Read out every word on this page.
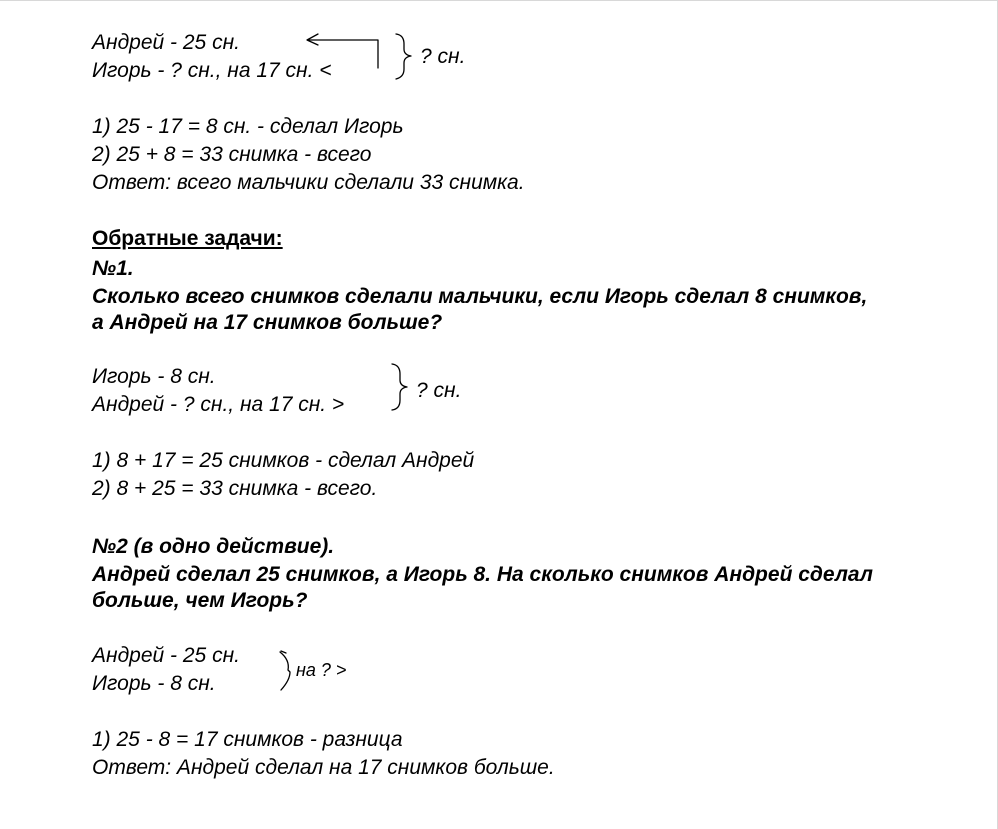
Андрей - 25 сн.
Игорь - ? сн., на 17 сн. <
? сн.
1) 25 - 17 = 8 сн. - сделал Игорь
2) 25 + 8 = 33 снимка - всего
Ответ: всего мальчики сделали 33 снимка.
Обратные задачи:
№1.
Сколько всего снимков сделали мальчики, если Игорь сделал 8 снимков,
а Андрей на 17 снимков больше?
Игорь - 8 сн.
Андрей - ? сн., на 17 сн. >
? сн.
1) 8 + 17 = 25 снимков - сделал Андрей
2) 8 + 25 = 33 снимка - всего.
№2 (в одно действие).
Андрей сделал 25 снимков, а Игорь 8. На сколько снимков Андрей сделал
больше, чем Игорь?
Андрей - 25 сн.
Игорь - 8 сн.
на ? >
1) 25 - 8 = 17 снимков - разница
Ответ: Андрей сделал на 17 снимков больше.
